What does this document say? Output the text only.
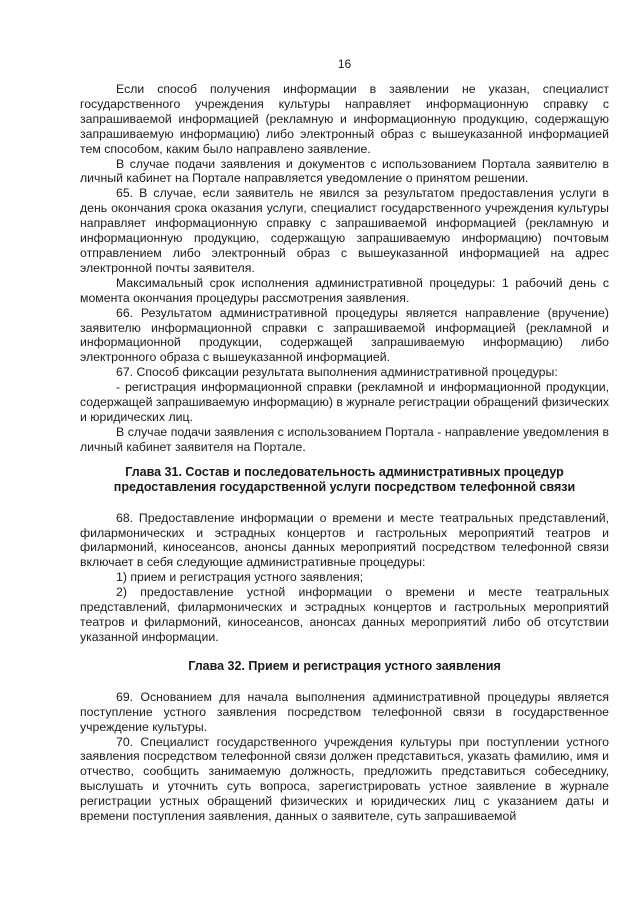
16

Если способ получения информации в заявлении не указан, специалист государственного учреждения культуры направляет информационную справку с запрашиваемой информацией (рекламную и информационную продукцию, содержащую запрашиваемую информацию) либо электронный образ с вышеуказанной информацией тем способом, каким было направлено заявление.

В случае подачи заявления и документов с использованием Портала заявителю в личный кабинет на Портале направляется уведомление о принятом решении.

65. В случае, если заявитель не явился за результатом предоставления услуги в день окончания срока оказания услуги, специалист государственного учреждения культуры направляет информационную справку с запрашиваемой информацией (рекламную и информационную продукцию, содержащую запрашиваемую информацию) почтовым отправлением либо электронный образ с вышеуказанной информацией на адрес электронной почты заявителя.

Максимальный срок исполнения административной процедуры: 1 рабочий день с момента окончания процедуры рассмотрения заявления.

66. Результатом административной процедуры является направление (вручение) заявителю информационной справки с запрашиваемой информацией (рекламной и информационной продукции, содержащей запрашиваемую информацию) либо электронного образа с вышеуказанной информацией.

67. Способ фиксации результата выполнения административной процедуры:

- регистрация информационной справки (рекламной и информационной продукции, содержащей запрашиваемую информацию) в журнале регистрации обращений физических и юридических лиц.

В случае подачи заявления с использованием Портала - направление уведомления в личный кабинет заявителя на Портале.

Глава 31. Состав и последовательность административных процедур предоставления государственной услуги посредством телефонной связи

68. Предоставление информации о времени и месте театральных представлений, филармонических и эстрадных концертов и гастрольных мероприятий театров и филармоний, киносеансов, анонсы данных мероприятий посредством телефонной связи включает в себя следующие административные процедуры:

1) прием и регистрация устного заявления;

2) предоставление устной информации о времени и месте театральных представлений, филармонических и эстрадных концертов и гастрольных мероприятий театров и филармоний, киносеансов, анонсах данных мероприятий либо об отсутствии указанной информации.

Глава 32. Прием и регистрация устного заявления

69. Основанием для начала выполнения административной процедуры является поступление устного заявления посредством телефонной связи в государственное учреждение культуры.

70. Специалист государственного учреждения культуры при поступлении устного заявления посредством телефонной связи должен представиться, указать фамилию, имя и отчество, сообщить занимаемую должность, предложить представиться собеседнику, выслушать и уточнить суть вопроса, зарегистрировать устное заявление в журнале регистрации устных обращений физических и юридических лиц с указанием даты и времени поступления заявления, данных о заявителе, суть запрашиваемой
